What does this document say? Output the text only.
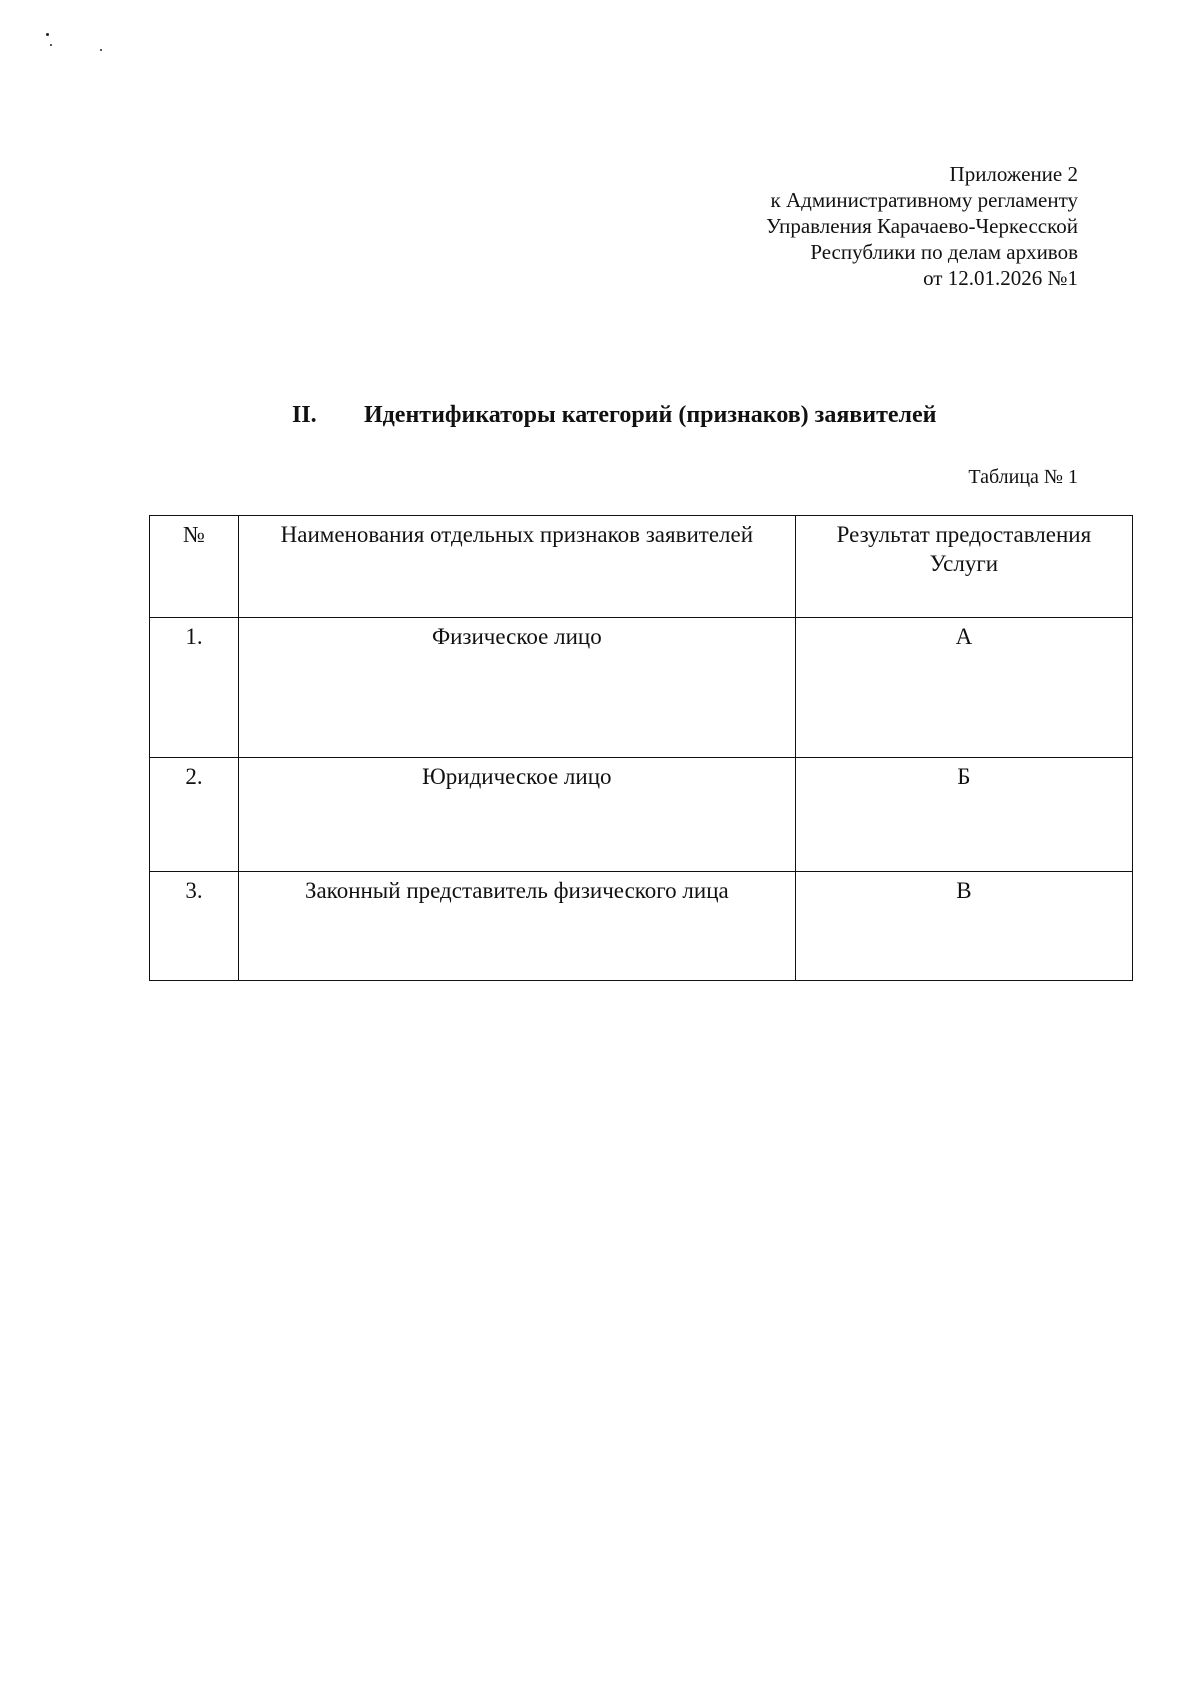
Приложение 2
к Административному регламенту
Управления Карачаево-Черкесской
Республики по делам архивов
от 12.01.2026 №1
II. Идентификаторы категорий (признаков) заявителей
Таблица № 1
№	Наименования отдельных признаков заявителей	Результат предоставления Услуги
1.	Физическое лицо	А
2.	Юридическое лицо	Б
3.	Законный представитель физического лица	В
